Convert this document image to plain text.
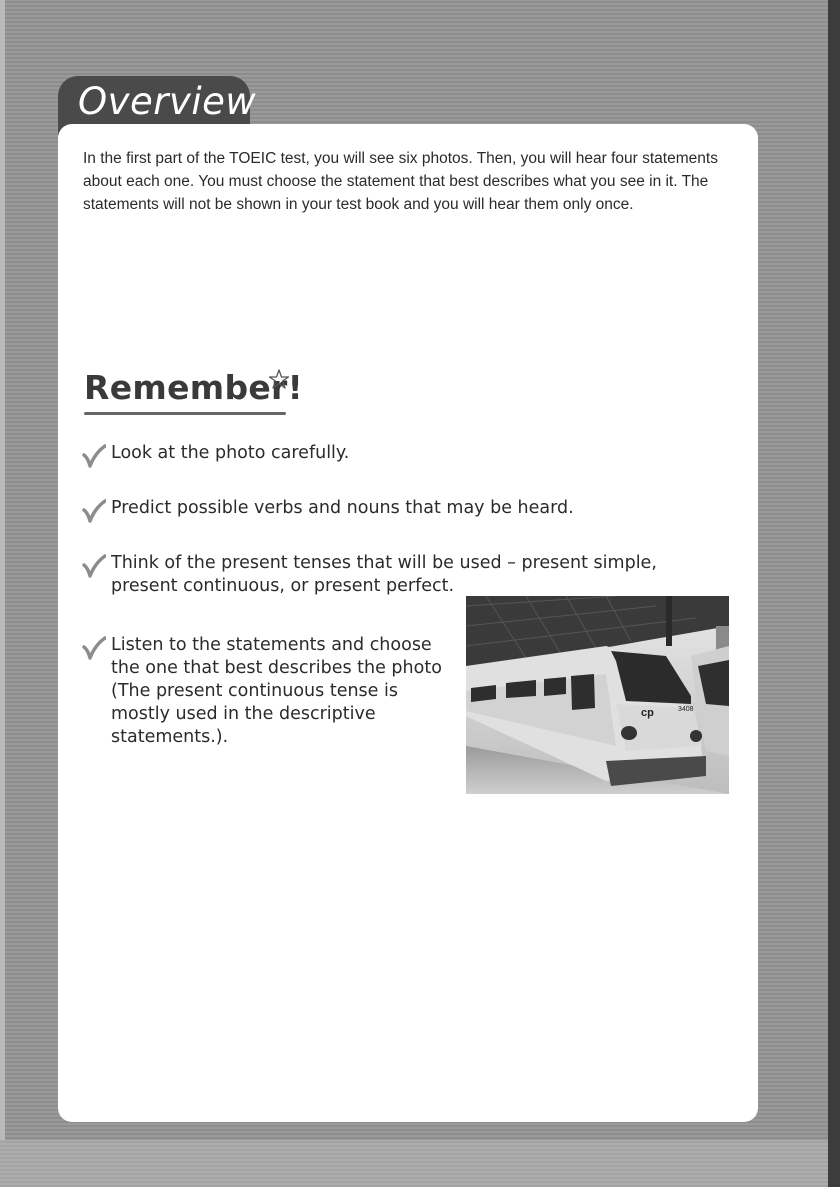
Overview

In the first part of the TOEIC test, you will see six photos. Then, you will hear four statements about each one. You must choose the statement that best describes what you see in it. The statements will not be shown in your test book and you will hear them only once.

Remember!

Look at the photo carefully.

Predict possible verbs and nouns that may be heard.

Think of the present tenses that will be used – present simple, present continuous, or present perfect.

Listen to the statements and choose the one that best describes the photo (The present continuous tense is mostly used in the descriptive statements.).

cp	3408
